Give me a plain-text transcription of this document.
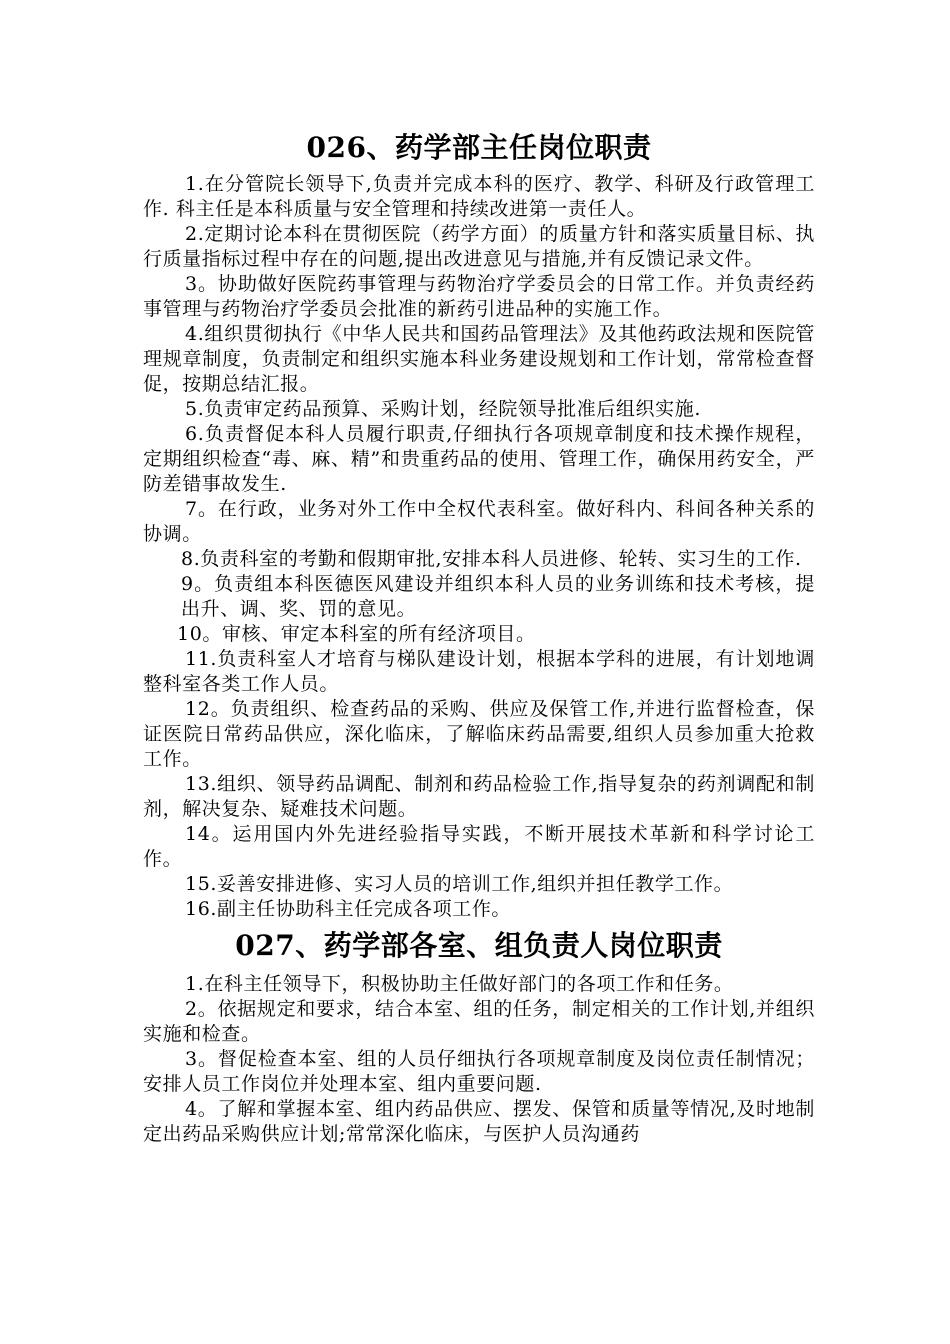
026、药学部主任岗位职责

1.在分管院长领导下,负责并完成本科的医疗、教学、科研及行政管理工作. 科主任是本科质量与安全管理和持续改进第一责任人。

2.定期讨论本科在贯彻医院（药学方面）的质量方针和落实质量目标、执行质量指标过程中存在的问题,提出改进意见与措施,并有反馈记录文件。

3。协助做好医院药事管理与药物治疗学委员会的日常工作。并负责经药事管理与药物治疗学委员会批准的新药引进品种的实施工作。

4.组织贯彻执行《中华人民共和国药品管理法》及其他药政法规和医院管理规章制度，负责制定和组织实施本科业务建设规划和工作计划，常常检查督促，按期总结汇报。

5.负责审定药品预算、采购计划，经院领导批准后组织实施.

6.负责督促本科人员履行职责,仔细执行各项规章制度和技术操作规程，定期组织检查“毒、麻、精”和贵重药品的使用、管理工作，确保用药安全，严防差错事故发生.

7。在行政，业务对外工作中全权代表科室。做好科内、科间各种关系的协调。

8.负责科室的考勤和假期审批,安排本科人员进修、轮转、实习生的工作.

9。负责组本科医德医风建设并组织本科人员的业务训练和技术考核，提出升、调、奖、罚的意见。

10。审核、审定本科室的所有经济项目。

11.负责科室人才培育与梯队建设计划，根据本学科的进展，有计划地调整科室各类工作人员。

12。负责组织、检查药品的采购、供应及保管工作,并进行监督检查，保证医院日常药品供应，深化临床，了解临床药品需要,组织人员参加重大抢救工作。

13.组织、领导药品调配、制剂和药品检验工作,指导复杂的药剂调配和制剂，解决复杂、疑难技术问题。

14。运用国内外先进经验指导实践，不断开展技术革新和科学讨论工作。

15.妥善安排进修、实习人员的培训工作,组织并担任教学工作。

16.副主任协助科主任完成各项工作。

027、药学部各室、组负责人岗位职责

1.在科主任领导下，积极协助主任做好部门的各项工作和任务。

2。依据规定和要求，结合本室、组的任务，制定相关的工作计划,并组织实施和检查。

3。督促检查本室、组的人员仔细执行各项规章制度及岗位责任制情况；安排人员工作岗位并处理本室、组内重要问题.

4。了解和掌握本室、组内药品供应、摆发、保管和质量等情况,及时地制定出药品采购供应计划;常常深化临床，与医护人员沟通药
